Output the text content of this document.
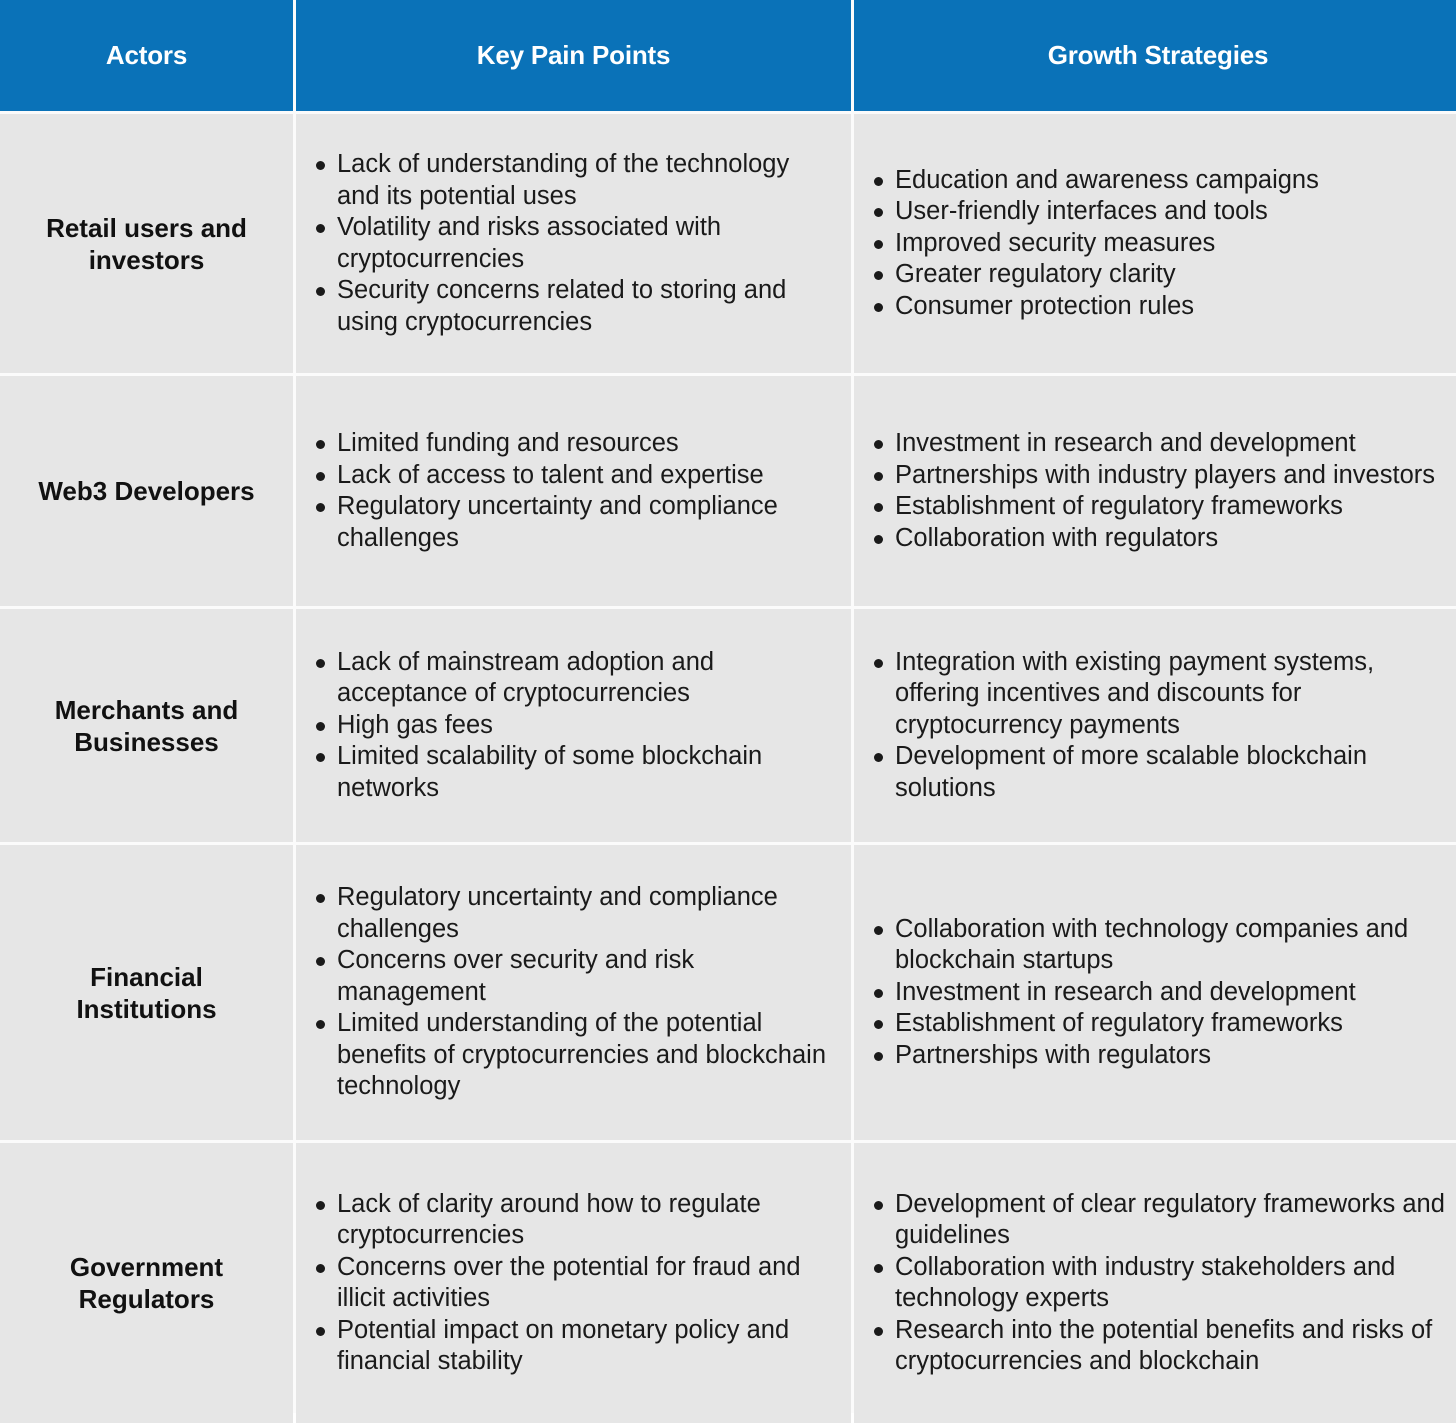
Actors	Key Pain Points	Growth Strategies
Retail users and investors
Lack of understanding of the technology and its potential uses
Volatility and risks associated with cryptocurrencies
Security concerns related to storing and using cryptocurrencies
Education and awareness campaigns
User-friendly interfaces and tools
Improved security measures
Greater regulatory clarity
Consumer protection rules
Web3 Developers
Limited funding and resources
Lack of access to talent and expertise
Regulatory uncertainty and compliance challenges
Investment in research and development
Partnerships with industry players and investors
Establishment of regulatory frameworks
Collaboration with regulators
Merchants and Businesses
Lack of mainstream adoption and acceptance of cryptocurrencies
High gas fees
Limited scalability of some blockchain networks
Integration with existing payment systems, offering incentives and discounts for cryptocurrency payments
Development of more scalable blockchain solutions
Financial Institutions
Regulatory uncertainty and compliance challenges
Concerns over security and risk management
Limited understanding of the potential benefits of cryptocurrencies and blockchain technology
Collaboration with technology companies and blockchain startups
Investment in research and development
Establishment of regulatory frameworks
Partnerships with regulators
Government Regulators
Lack of clarity around how to regulate cryptocurrencies
Concerns over the potential for fraud and illicit activities
Potential impact on monetary policy and financial stability
Development of clear regulatory frameworks and guidelines
Collaboration with industry stakeholders and technology experts
Research into the potential benefits and risks of cryptocurrencies and blockchain
